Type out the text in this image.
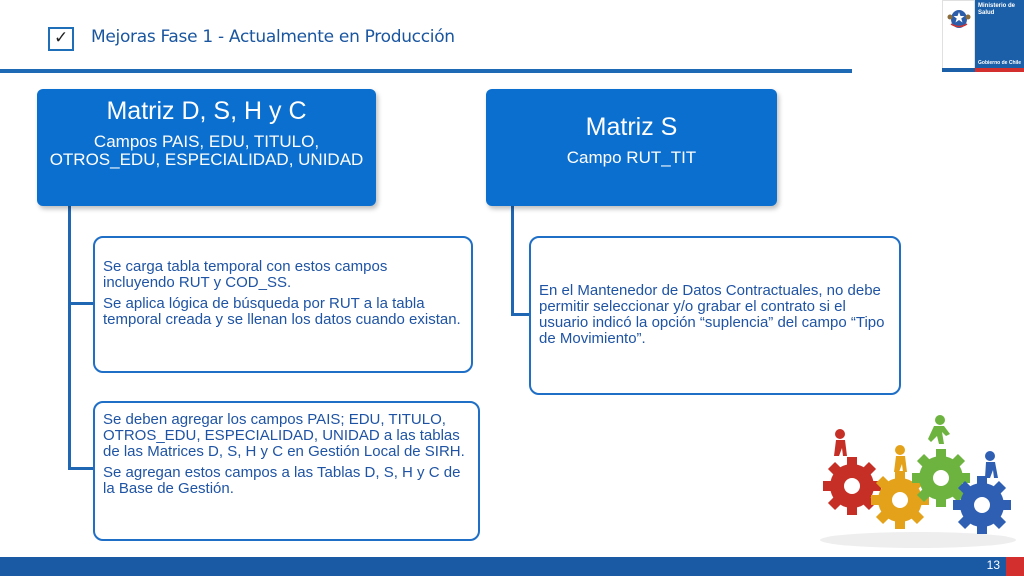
✓ Mejoras Fase 1 - Actualmente en Producción
Ministerio de
Salud
Gobierno de Chile
Matriz D, S, H y C
Campos PAIS, EDU, TITULO, OTROS_EDU, ESPECIALIDAD, UNIDAD
Matriz S
Campo RUT_TIT

Se carga tabla temporal con estos campos incluyendo RUT y COD_SS.

Se aplica lógica de búsqueda por RUT a la tabla temporal creada y se llenan los datos cuando existan.

Se deben agregar los campos PAIS; EDU, TITULO, OTROS_EDU, ESPECIALIDAD, UNIDAD a las tablas de las Matrices D, S, H y C en Gestión Local de SIRH.

Se agregan estos campos a las Tablas D, S, H y C de la Base de Gestión.

En el Mantenedor de Datos Contractuales, no debe permitir seleccionar y/o grabar el contrato si el usuario indicó la opción “suplencia” del campo “Tipo de Movimiento”.

13
